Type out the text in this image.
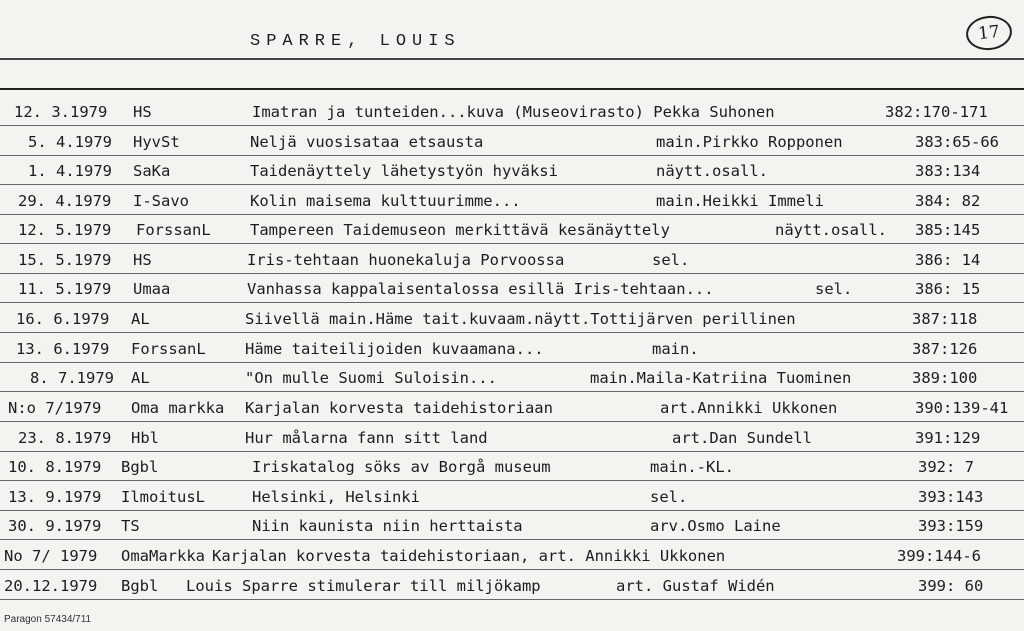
SPARRE, LOUIS	17
12. 3.1979 HS	Imatran ja tunteiden...kuva (Museovirasto) Pekka Suhonen	382:170-171
5. 4.1979 HyvSt	Neljä vuosisataa etsausta	main.Pirkko Ropponen	383:65-66
1. 4.1979 SaKa	Taidenäyttely lähetystyön hyväksi	näytt.osall.	383:134
29. 4.1979 I-Savo	Kolin maisema kulttuurimme...	main.Heikki Immeli	384: 82
12. 5.1979 ForssanL	Tampereen Taidemuseon merkittävä kesänäyttely	näytt.osall. 385:145
15. 5.1979 HS	Iris-tehtaan huonekaluja Porvoossa	sel.	386: 14
11. 5.1979 Umaa	Vanhassa kappalaisentalossa esillä Iris-tehtaan...	sel.	386: 15
16. 6.1979 AL	Siivellä main.Häme tait.kuvaam.näytt.Tottijärven perillinen	387:118
13. 6.1979 ForssanL	Häme taiteilijoiden kuvaamana...	main.	387:126
8. 7.1979 AL	"On mulle Suomi Suloisin...	main.Maila-Katriina Tuominen	389:100
N:o 7/1979 Oma markka Karjalan korvesta taidehistoriaan	art.Annikki Ukkonen	390:139-41
23. 8.1979 Hbl	Hur målarna fann sitt land	art.Dan Sundell	391:129
10. 8.1979 Bgbl	Iriskatalog söks av Borgå museum	main.-KL.	392: 7
13. 9.1979 IlmoitusL	Helsinki, Helsinki	sel.	393:143
30. 9.1979 TS	Niin kaunista niin herttaista	arv.Osmo Laine	393:159
No 7/ 1979 OmaMarkka Karjalan korvesta taidehistoriaan, art. Annikki Ukkonen	399:144-6
20.12.1979 Bgbl Louis Sparre stimulerar till miljökamp	art. Gustaf Widén	399: 60
Paragon 57434/711
